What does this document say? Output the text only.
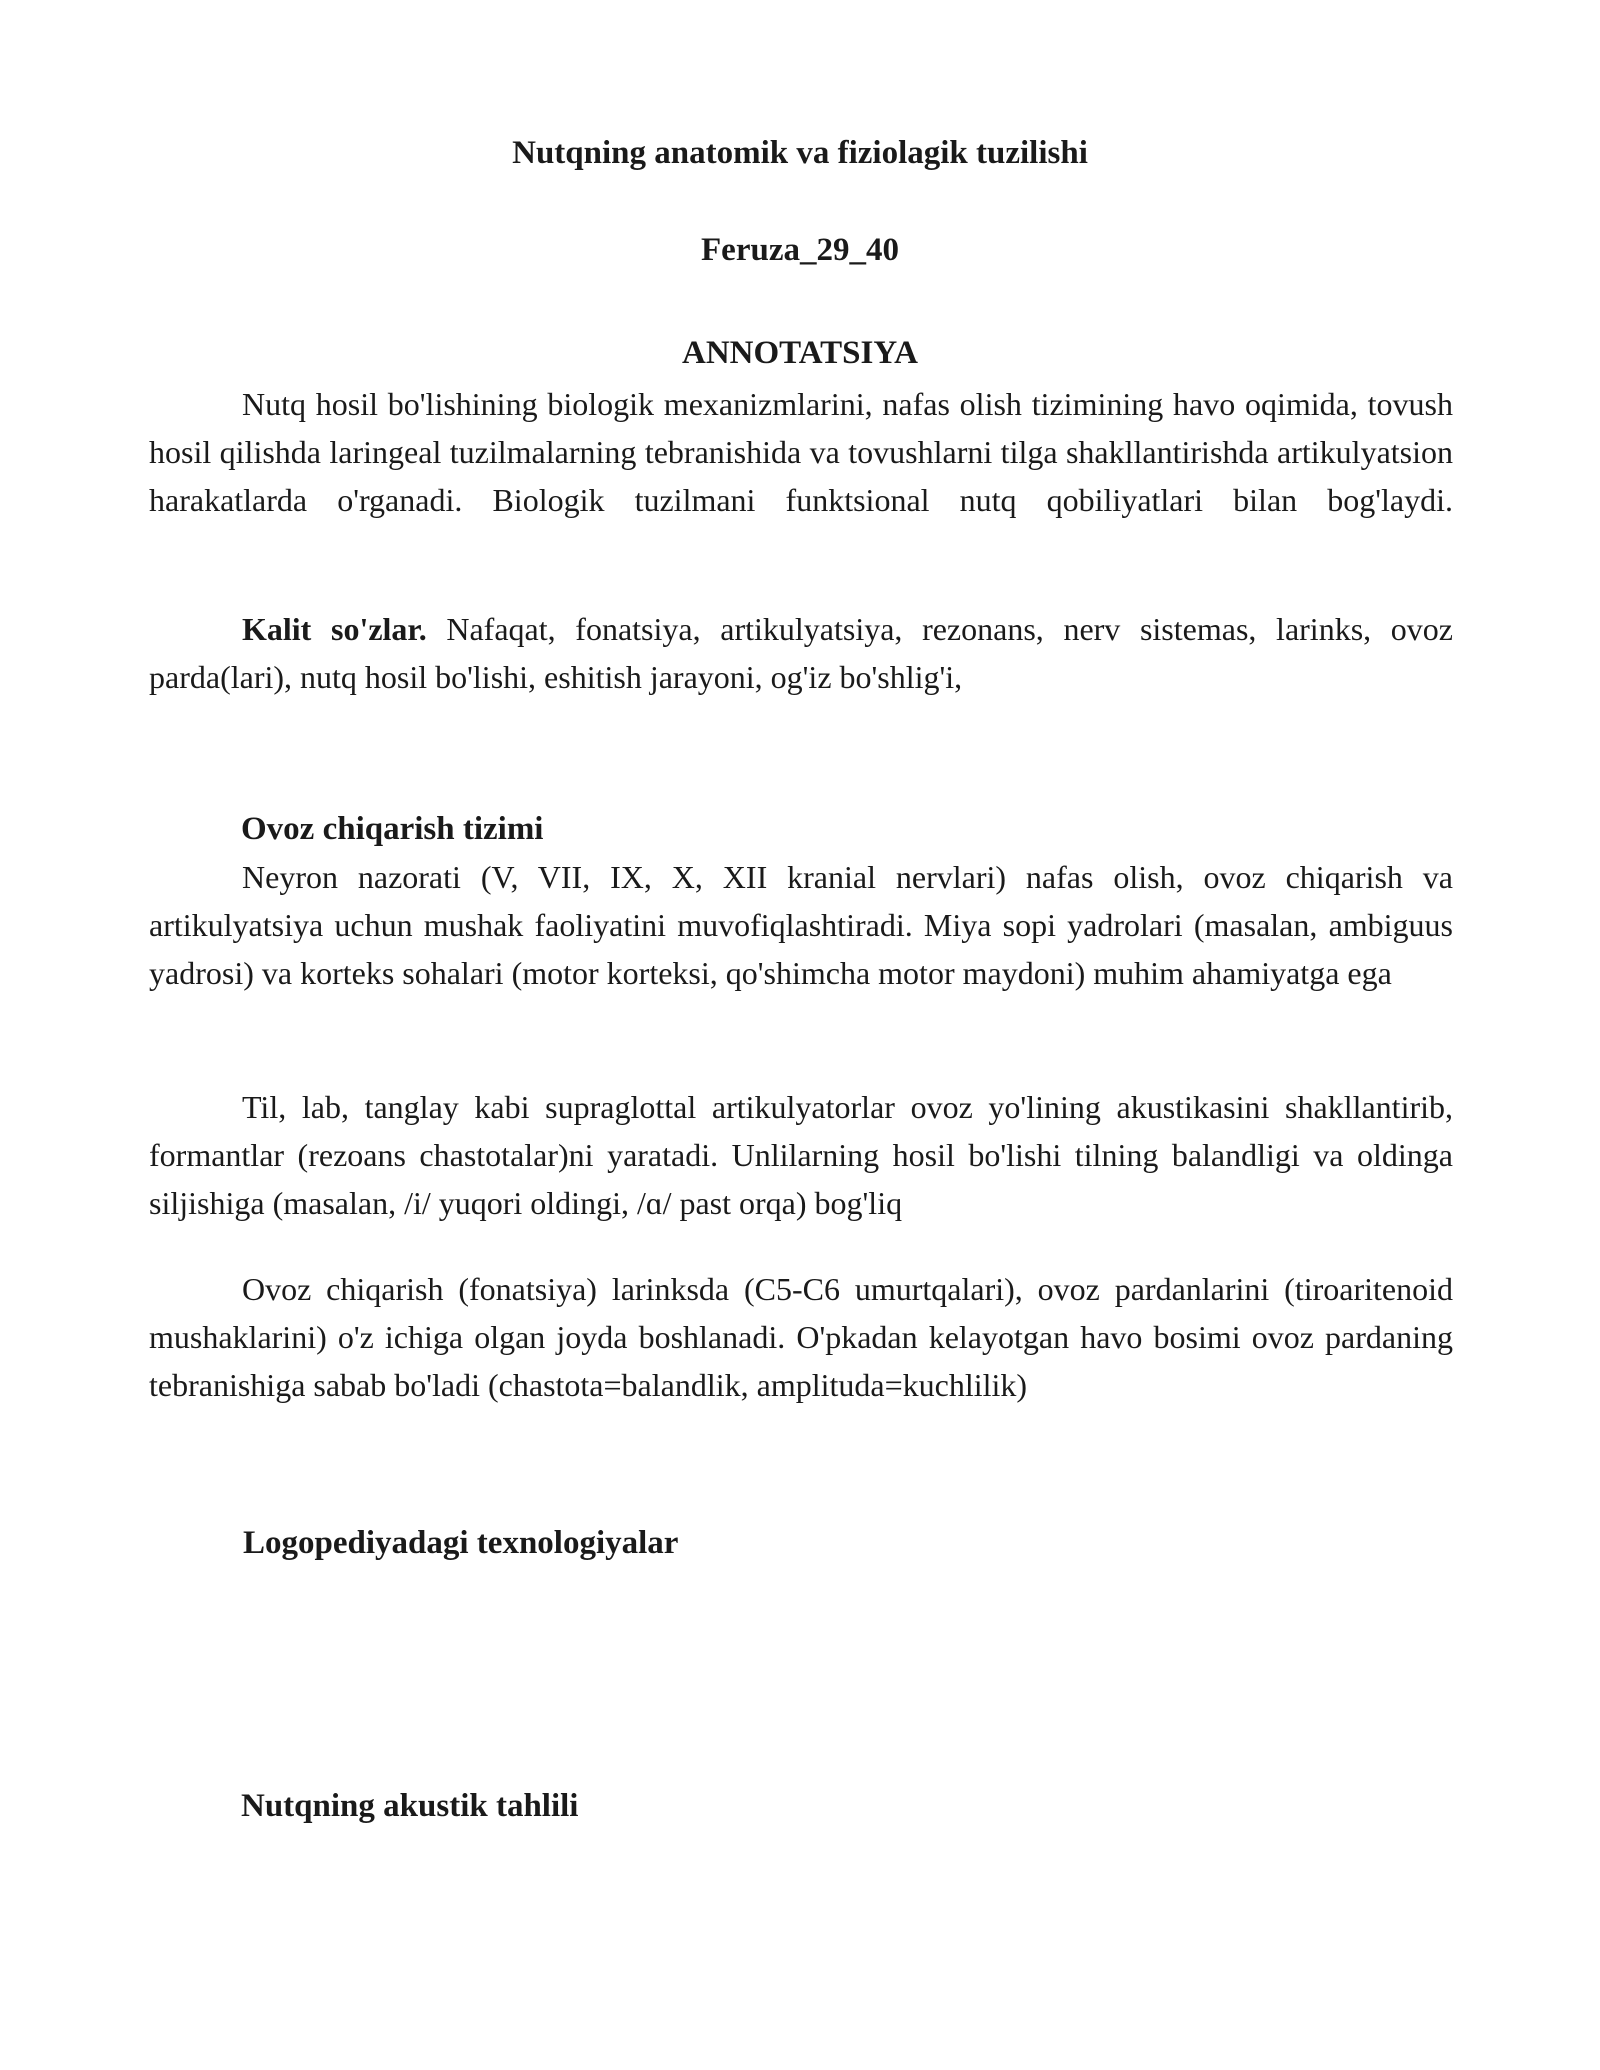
Nutqning anatomik va fiziolagik tuzilishi
Feruza_29_40
ANNOTATSIYA

Nutq hosil bo'lishining biologik mexanizmlarini, nafas olish tizimining havo oqimida, tovush hosil qilishda laringeal tuzilmalarning tebranishida va tovushlarni tilga shakllantirishda artikulyatsion harakatlarda o'rganadi. Biologik tuzilmani funktsional nutq qobiliyatlari bilan bog'laydi.

Kalit so'zlar. Nafaqat, fonatsiya, artikulyatsiya, rezonans, nerv sistemas, larinks, ovoz parda(lari), nutq hosil bo'lishi, eshitish jarayoni, og'iz bo'shlig'i,

Ovoz chiqarish tizimi

Neyron nazorati (V, VII, IX, X, XII kranial nervlari) nafas olish, ovoz chiqarish va artikulyatsiya uchun mushak faoliyatini muvofiqlashtiradi. Miya sopi yadrolari (masalan, ambiguus yadrosi) va korteks sohalari (motor korteksi, qo'shimcha motor maydoni) muhim ahamiyatga ega

Til, lab, tanglay kabi supraglottal artikulyatorlar ovoz yo'lining akustikasini shakllantirib, formantlar (rezoans chastotalar)ni yaratadi. Unlilarning hosil bo'lishi tilning balandligi va oldinga siljishiga (masalan, /i/ yuqori oldingi, /ɑ/ past orqa) bog'liq

Ovoz chiqarish (fonatsiya) larinksda (C5-C6 umurtqalari), ovoz pardanlarini (tiroaritenoid mushaklarini) o'z ichiga olgan joyda boshlanadi. O'pkadan kelayotgan havo bosimi ovoz pardaning tebranishiga sabab bo'ladi (chastota=balandlik, amplituda=kuchlilik)

Logopediyadagi texnologiyalar
Nutqning akustik tahlili
